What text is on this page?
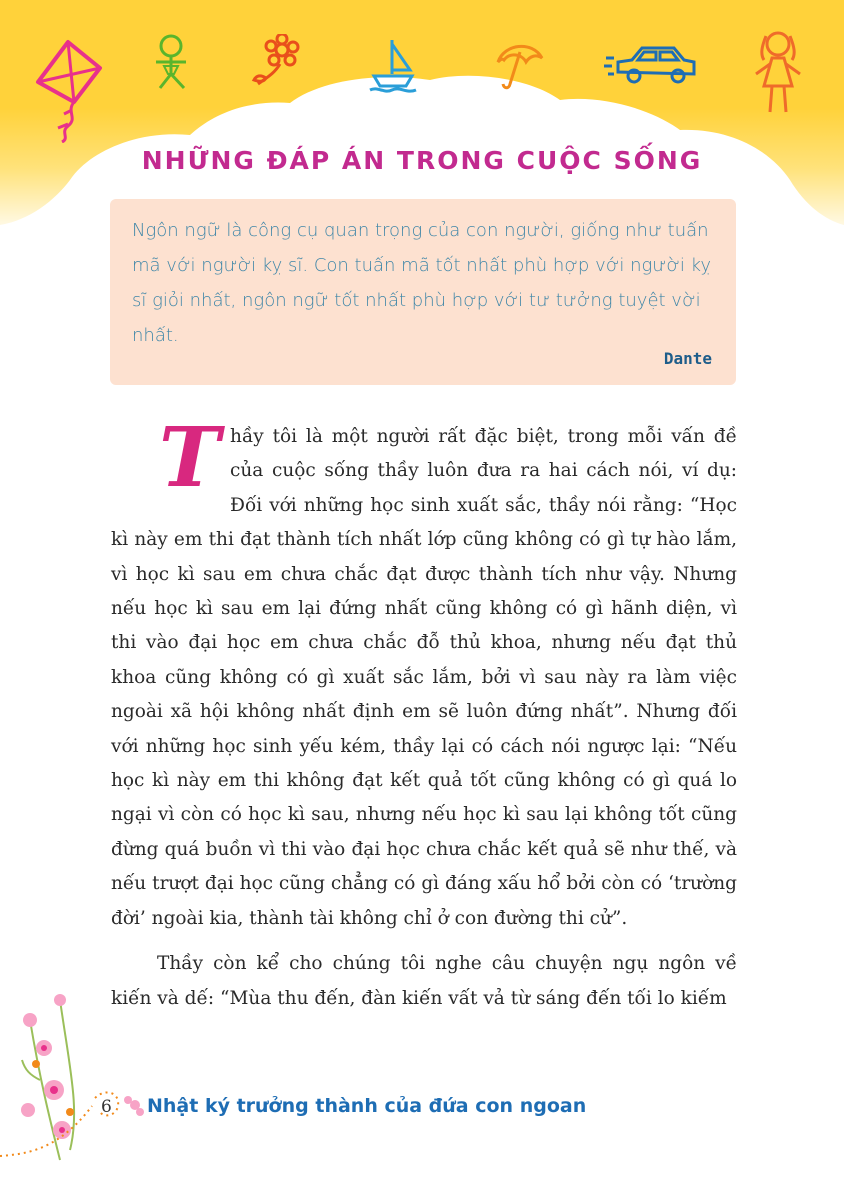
NHỮNG ĐÁP ÁN TRONG CUỘC SỐNG

Ngôn ngữ là công cụ quan trọng của con người, giống như tuấn mã với người kỵ sĩ. Con tuấn mã tốt nhất phù hợp với người kỵ sĩ giỏi nhất, ngôn ngữ tốt nhất phù hợp với tư tưởng tuyệt vời nhất.

Dante

Thầy tôi là một người rất đặc biệt, trong mỗi vấn đề của cuộc sống thầy luôn đưa ra hai cách nói, ví dụ: Đối với những học sinh xuất sắc, thầy nói rằng: “Học kì này em thi đạt thành tích nhất lớp cũng không có gì tự hào lắm, vì học kì sau em chưa chắc đạt được thành tích như vậy. Nhưng nếu học kì sau em lại đứng nhất cũng không có gì hãnh diện, vì thi vào đại học em chưa chắc đỗ thủ khoa, nhưng nếu đạt thủ khoa cũng không có gì xuất sắc lắm, bởi vì sau này ra làm việc ngoài xã hội không nhất định em sẽ luôn đứng nhất”. Nhưng đối với những học sinh yếu kém, thầy lại có cách nói ngược lại: “Nếu học kì này em thi không đạt kết quả tốt cũng không có gì quá lo ngại vì còn có học kì sau, nhưng nếu học kì sau lại không tốt cũng đừng quá buồn vì thi vào đại học chưa chắc kết quả sẽ như thế, và nếu trượt đại học cũng chẳng có gì đáng xấu hổ bởi còn có ‘trường đời’ ngoài kia, thành tài không chỉ ở con đường thi cử”.

Thầy còn kể cho chúng tôi nghe câu chuyện ngụ ngôn về kiến và dế: “Mùa thu đến, đàn kiến vất vả từ sáng đến tối lo kiếm

6 Nhật ký trưởng thành của đứa con ngoan
